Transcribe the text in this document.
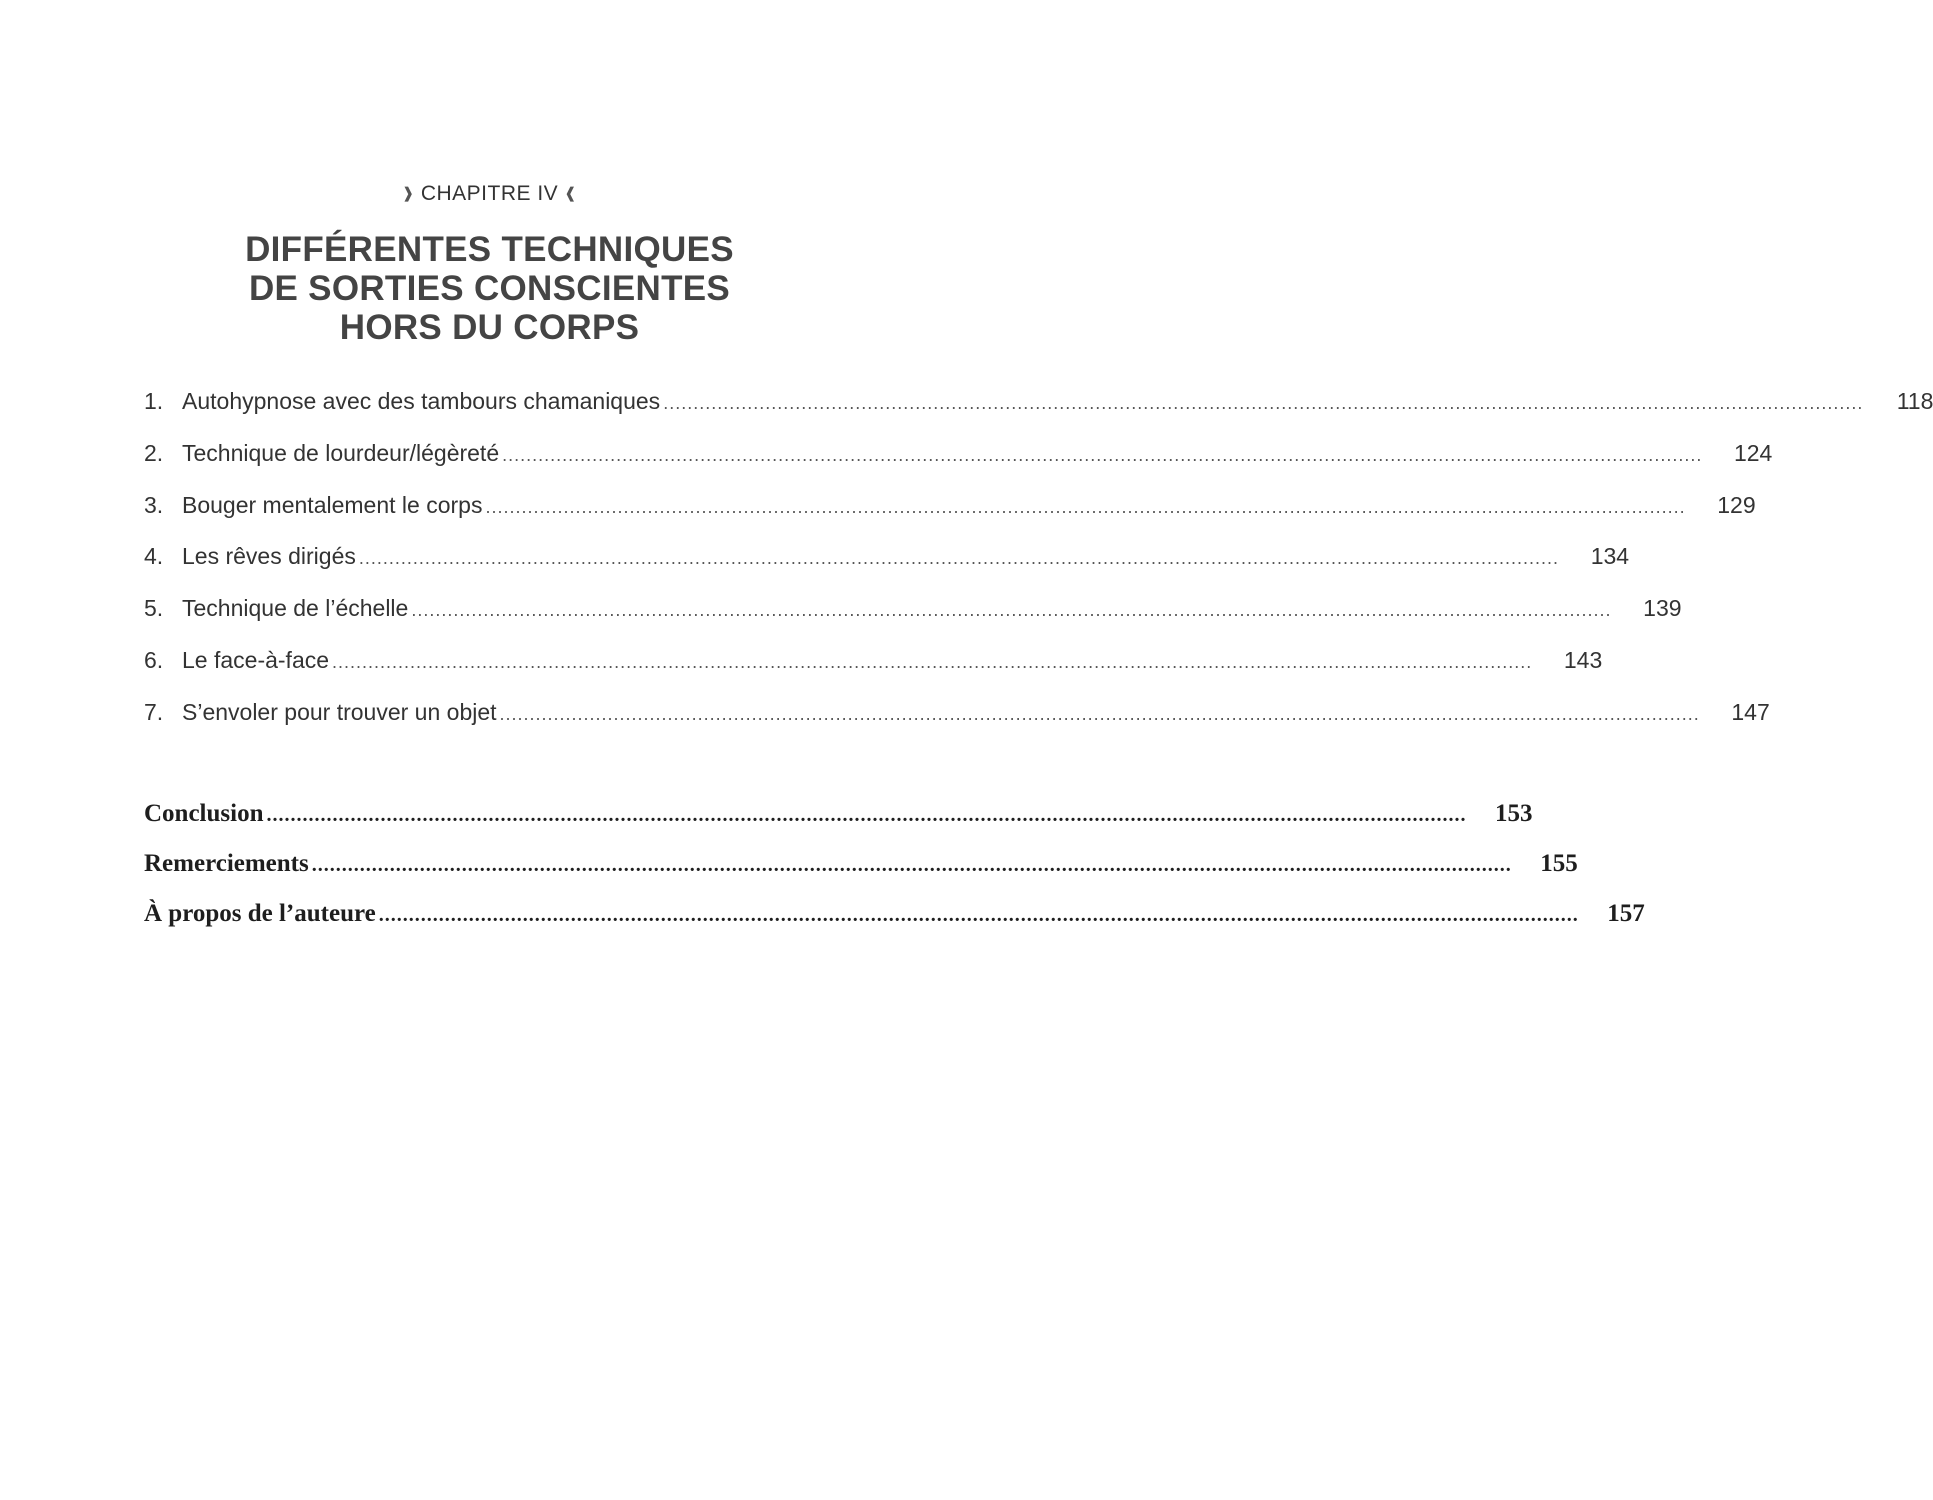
❱ CHAPITRE IV ❰
DIFFÉRENTES TECHNIQUES
DE SORTIES CONSCIENTES
HORS DU CORPS
1. Autohypnose avec des tambours chamaniques ........................................................................................................................................................................................................	118
2. Technique de lourdeur/légèreté ........................................................................................................................................................................................................	124
3. Bouger mentalement le corps ........................................................................................................................................................................................................	129
4. Les rêves dirigés ........................................................................................................................................................................................................	134
5. Technique de l’échelle ........................................................................................................................................................................................................	139
6. Le face-à-face ........................................................................................................................................................................................................	143
7. S’envoler pour trouver un objet ........................................................................................................................................................................................................	147
Conclusion ........................................................................................................................................................................................................	153
Remerciements ........................................................................................................................................................................................................	155
À propos de l’auteure ........................................................................................................................................................................................................	157
